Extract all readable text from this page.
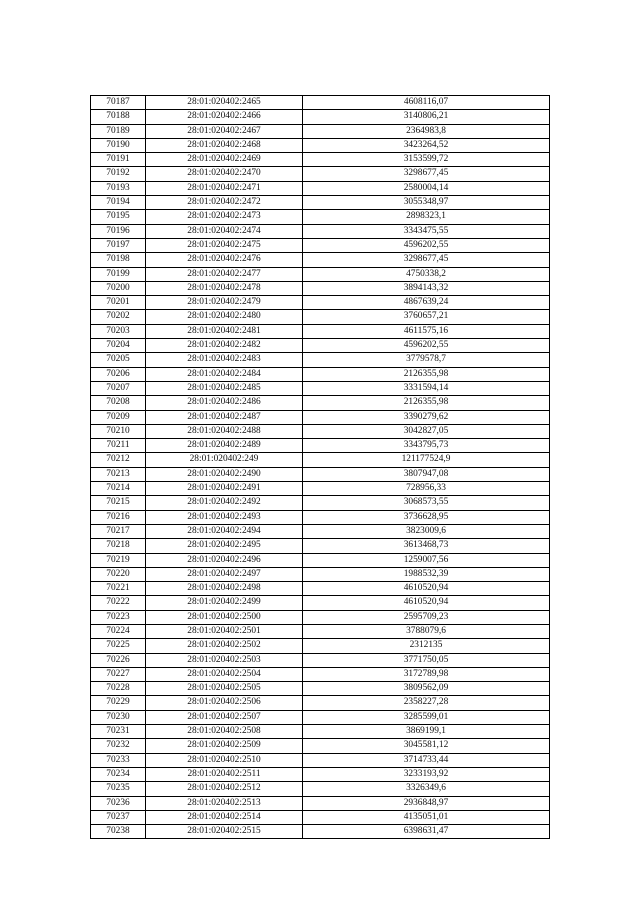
70187	28:01:020402:2465	4608116,07
70188	28:01:020402:2466	3140806,21
70189	28:01:020402:2467	2364983,8
70190	28:01:020402:2468	3423264,52
70191	28:01:020402:2469	3153599,72
70192	28:01:020402:2470	3298677,45
70193	28:01:020402:2471	2580004,14
70194	28:01:020402:2472	3055348,97
70195	28:01:020402:2473	2898323,1
70196	28:01:020402:2474	3343475,55
70197	28:01:020402:2475	4596202,55
70198	28:01:020402:2476	3298677,45
70199	28:01:020402:2477	4750338,2
70200	28:01:020402:2478	3894143,32
70201	28:01:020402:2479	4867639,24
70202	28:01:020402:2480	3760657,21
70203	28:01:020402:2481	4611575,16
70204	28:01:020402:2482	4596202,55
70205	28:01:020402:2483	3779578,7
70206	28:01:020402:2484	2126355,98
70207	28:01:020402:2485	3331594,14
70208	28:01:020402:2486	2126355,98
70209	28:01:020402:2487	3390279,62
70210	28:01:020402:2488	3042827,05
70211	28:01:020402:2489	3343795,73
70212	28:01:020402:249	121177524,9
70213	28:01:020402:2490	3807947,08
70214	28:01:020402:2491	728956,33
70215	28:01:020402:2492	3068573,55
70216	28:01:020402:2493	3736628,95
70217	28:01:020402:2494	3823009,6
70218	28:01:020402:2495	3613468,73
70219	28:01:020402:2496	1259007,56
70220	28:01:020402:2497	1988532,39
70221	28:01:020402:2498	4610520,94
70222	28:01:020402:2499	4610520,94
70223	28:01:020402:2500	2595709,23
70224	28:01:020402:2501	3788079,6
70225	28:01:020402:2502	2312135
70226	28:01:020402:2503	3771750,05
70227	28:01:020402:2504	3172789,98
70228	28:01:020402:2505	3809562,09
70229	28:01:020402:2506	2358227,28
70230	28:01:020402:2507	3285599,01
70231	28:01:020402:2508	3869199,1
70232	28:01:020402:2509	3045581,12
70233	28:01:020402:2510	3714733,44
70234	28:01:020402:2511	3233193,92
70235	28:01:020402:2512	3326349,6
70236	28:01:020402:2513	2936848,97
70237	28:01:020402:2514	4135051,01
70238	28:01:020402:2515	6398631,47
